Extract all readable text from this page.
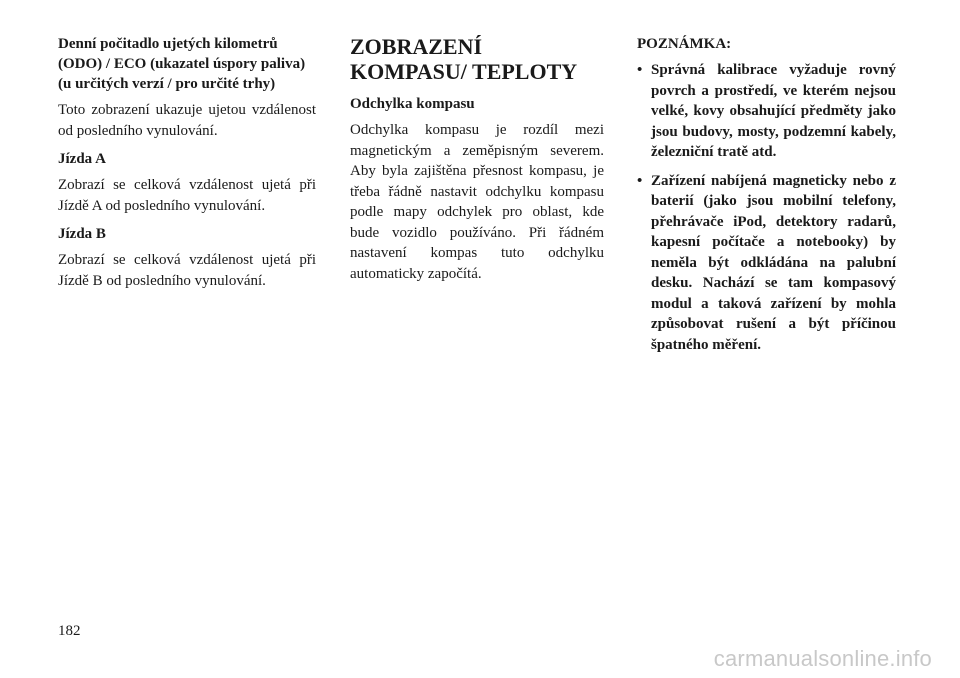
Denní počitadlo ujetých kilometrů (ODO) / ECO (ukazatel úspory paliva) (u určitých verzí / pro určité trhy)

Toto zobrazení ukazuje ujetou vzdálenost od posledního vynulování.

Jízda A

Zobrazí se celková vzdálenost ujetá při Jízdě A od posledního vynulování.

Jízda B

Zobrazí se celková vzdálenost ujetá při Jízdě B od posledního vynulování.

ZOBRAZENÍ KOMPASU/ TEPLOTY
Odchylka kompasu

Odchylka kompasu je rozdíl mezi magnetickým a zeměpisným severem. Aby byla zajištěna přesnost kompasu, je třeba řádně nastavit odchylku kompasu podle mapy odchylek pro oblast, kde bude vozidlo používáno. Při řádném nastavení kompas tuto odchylku automaticky započítá.

POZNÁMKA:
• Správná kalibrace vyžaduje rovný povrch a prostředí, ve kterém nejsou velké, kovy obsahující předměty jako jsou budovy, mosty, podzemní kabely, železniční tratě atd.
• Zařízení nabíjená magneticky nebo z baterií (jako jsou mobilní telefony, přehrávače iPod, detektory radarů, kapesní počítače a notebooky) by neměla být odkládána na palubní desku. Nachází se tam kompasový modul a taková zařízení by mohla způsobovat rušení a být příčinou špatného měření.
182
carmanualsonline.info
